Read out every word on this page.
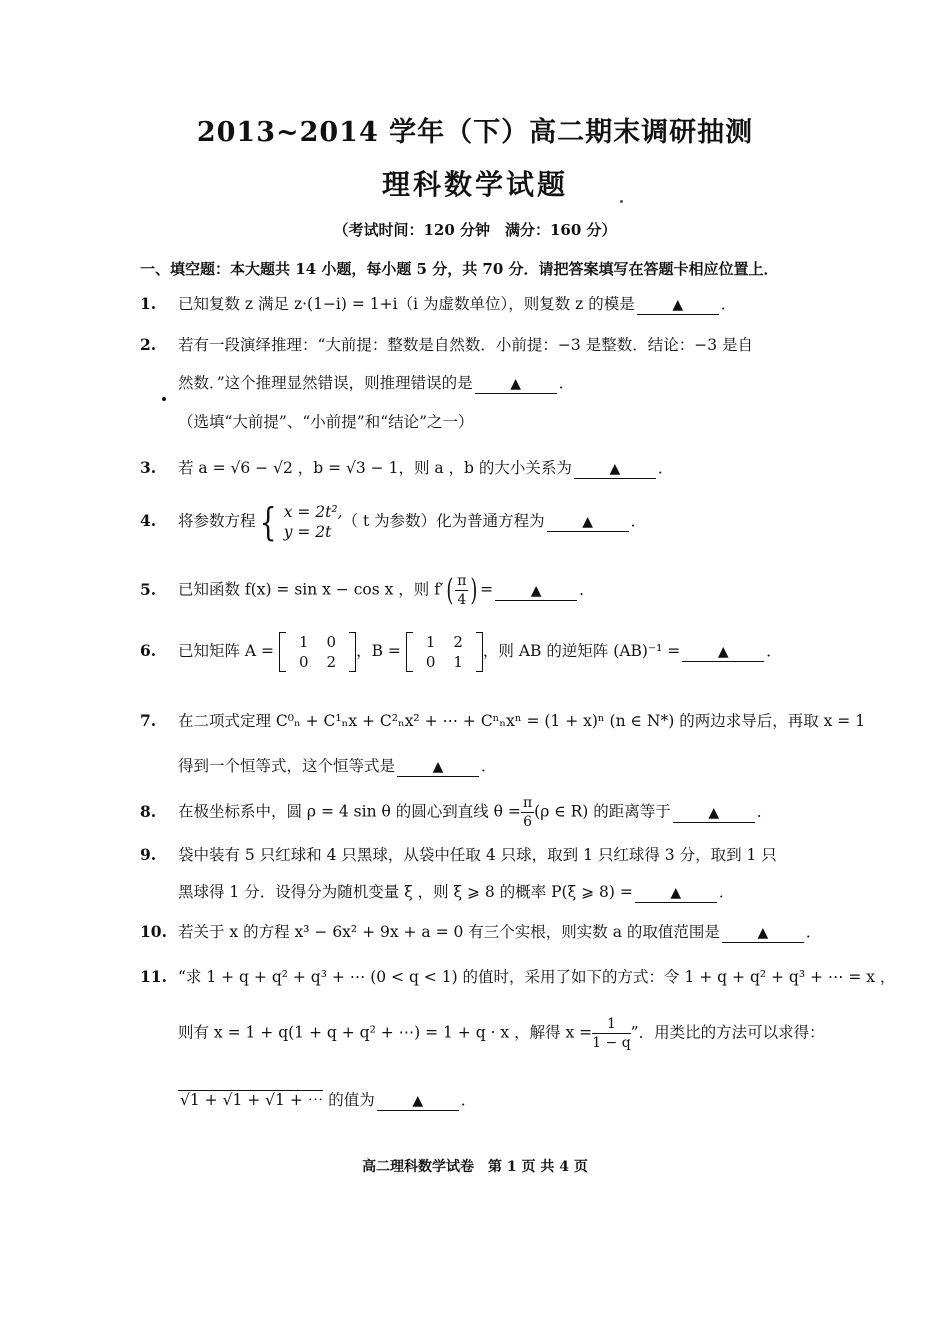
2013~2014 学年（下）高二期末调研抽测
理科数学试题
（考试时间：120 分钟　满分：160 分）
一、填空题：本大题共 14 小题，每小题 5 分，共 70 分．请把答案填写在答题卡相应位置上．
1. 已知复数 z 满足 z·(1−i) = 1+i（i 为虚数单位），则复数 z 的模是	▲ ．
2. 若有一段演绎推理：“大前提：整数是自然数．小前提：−3 是整数．结论：−3 是自
然数．”这个推理显然错误，则推理错误的是	▲ ．
（选填“大前提”、“小前提”和“结论”之一）
3. 若 a = √6 − √2 ，b = √3 − 1，则 a ，b 的大小关系为	▲ ．
4. 将参数方程{ x = 2t²,
y = 2t
（ t 为参数）化为普通方程为	▲ ．
5. 已知函数 f(x) = sin x − cos x ，则 $f'( \frac{\pi}{4}$ ) =	▲ ．
6. 已知矩阵 A = 1	0
0	2
，B = 1	2
0	1
，则 AB 的逆矩阵 (AB)⁻¹ =	▲ ．
7. 在二项式定理 C⁰ₙ + C¹ₙx + C²ₙx² + ⋯ + Cⁿₙxⁿ = (1 + x)ⁿ (n ∈ N*) 的两边求导后，再取 x = 1
得到一个恒等式，这个恒等式是	▲ ．
8. 在极坐标系中，圆 ρ = 4 sin θ 的圆心到直线 $\theta = \frac{\pi}{6} (\rho$ ∈ R) 的距离等于	▲ ．
9. 袋中装有 5 只红球和 4 只黑球，从袋中任取 4 只球，取到 1 只红球得 3 分，取到 1 只
黑球得 1 分．设得分为随机变量 ξ ，则 ξ ⩾ 8 的概率 P(ξ ⩾ 8) =	▲ ．
10. 若关于 x 的方程 x³ − 6x² + 9x + a = 0 有三个实根，则实数 a 的取值范围是	▲ ．
11. “求 1 + q + q² + q³ + ⋯ (0 < q < 1) 的值时，采用了如下的方式：令 1 + q + q² + q³ + ⋯ = x ，
则有 x = 1 + q(1 + q + q² + ⋯) = 1 + q · x ，解得 $x = \frac{1}{1 - q}$ ”．用类比的方法可以求得：
√1 + √1 + √1 + ⋯ 的值为	▲ ．
高二理科数学试卷　第 1 页 共 4 页
